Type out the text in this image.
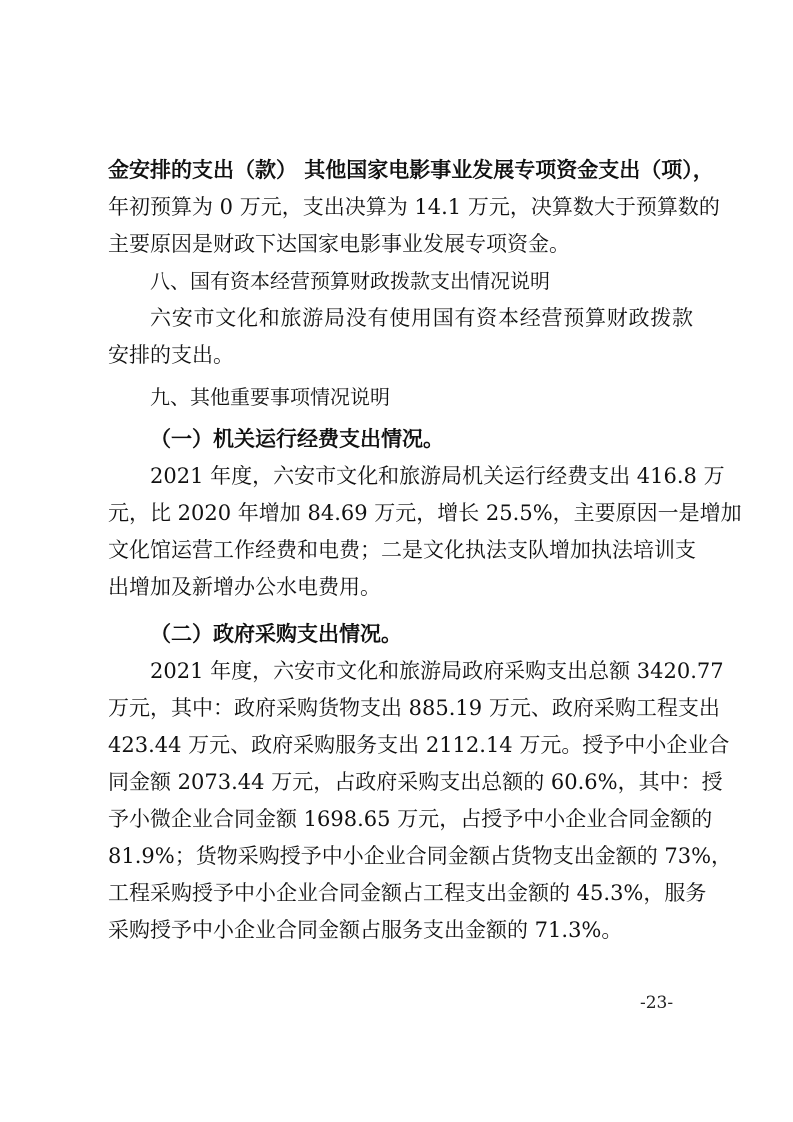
金安排的支出（款） 其他国家电影事业发展专项资金支出（项），
年初预算为 0 万元，支出决算为 14.1 万元，决算数大于预算数的
主要原因是财政下达国家电影事业发展专项资金。
八、国有资本经营预算财政拨款支出情况说明
六安市文化和旅游局没有使用国有资本经营预算财政拨款
安排的支出。
九、其他重要事项情况说明
（一）机关运行经费支出情况。
2021 年度，六安市文化和旅游局机关运行经费支出 416.8 万
元，比 2020 年增加 84.69 万元，增长 25.5%，主要原因一是增加
文化馆运营工作经费和电费；二是文化执法支队增加执法培训支
出增加及新增办公水电费用。
（二）政府采购支出情况。
2021 年度，六安市文化和旅游局政府采购支出总额 3420.77
万元，其中：政府采购货物支出 885.19 万元、政府采购工程支出
423.44 万元、政府采购服务支出 2112.14 万元。授予中小企业合
同金额 2073.44 万元，占政府采购支出总额的 60.6%，其中：授
予小微企业合同金额 1698.65 万元，占授予中小企业合同金额的
81.9%；货物采购授予中小企业合同金额占货物支出金额的 73%，
工程采购授予中小企业合同金额占工程支出金额的 45.3%，服务
采购授予中小企业合同金额占服务支出金额的 71.3%。
-23-
